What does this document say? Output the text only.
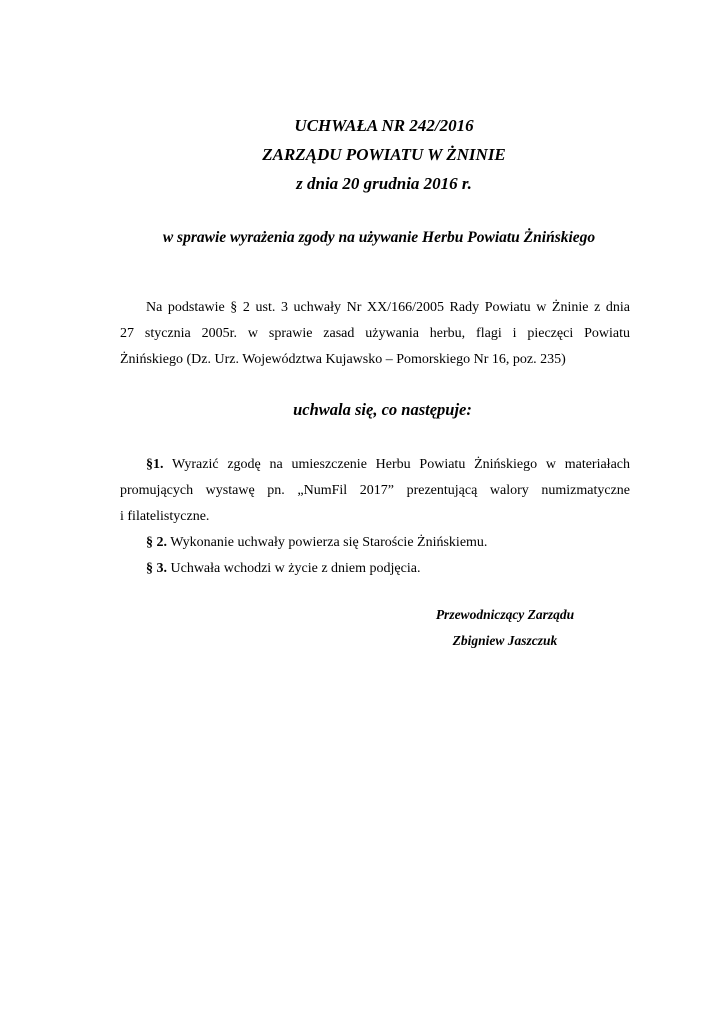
UCHWAŁA NR 242/2016
ZARZĄDU POWIATU W ŻNINIE
z dnia 20 grudnia 2016 r.
w sprawie wyrażenia zgody na używanie Herbu Powiatu Żnińskiego
Na podstawie § 2 ust. 3 uchwały Nr XX/166/2005 Rady Powiatu w Żninie z dnia
27 stycznia 2005r. w sprawie zasad używania herbu, flagi i pieczęci Powiatu
Żnińskiego (Dz. Urz. Województwa Kujawsko – Pomorskiego Nr 16, poz. 235)
uchwala się, co następuje:
§1. Wyrazić zgodę na umieszczenie Herbu Powiatu Żnińskiego w materiałach
promujących wystawę pn. „NumFil 2017” prezentującą walory numizmatyczne
i filatelistyczne.
§ 2. Wykonanie uchwały powierza się Staroście Żnińskiemu.
§ 3. Uchwała wchodzi w życie z dniem podjęcia.
Przewodniczący Zarządu
Zbigniew Jaszczuk
